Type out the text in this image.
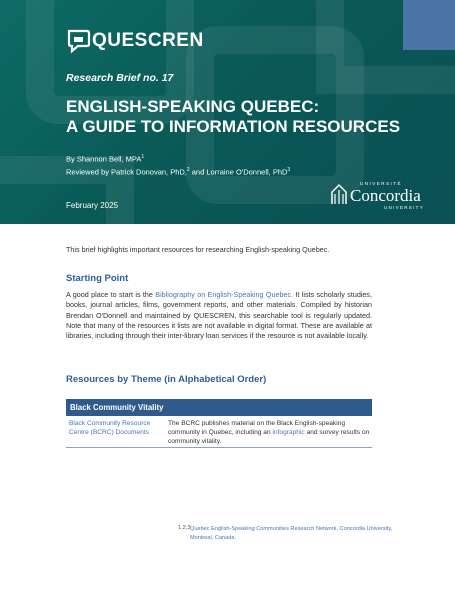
QUESCREN
Research Brief no. 17
ENGLISH-SPEAKING QUEBEC:
A GUIDE TO INFORMATION RESOURCES
By Shannon Bell, MPA$^1$
Reviewed by Patrick Donovan, PhD,$^2$ and Lorraine O'Donnell, PhD$^3$
February 2025
UNIVERSITÉ
Concordia
UNIVERSITY
This brief highlights important resources for researching English-speaking Quebec.
Starting Point
A good place to start is the Bibliography on English-Speaking Quebec. It lists scholarly studies, books, journal articles, films, government reports, and other materials. Compiled by historian Brendan O'Donnell and maintained by QUESCREN, this searchable tool is regularly updated. Note that many of the resources it lists are not available in digital format. These are available at libraries, including through their inter-library loan services if the resource is not available locally.
Resources by Theme (in Alphabetical Order)
Black Community Vitality
Black Community Resource Centre (BCRC) Documents
The BCRC publishes material on the Black English-speaking community in Quebec, including an infographic and survey results on community vitality.
1,2,3 Quebec English-Speaking Communities Research Network, Concordia University, Montreal, Canada.
